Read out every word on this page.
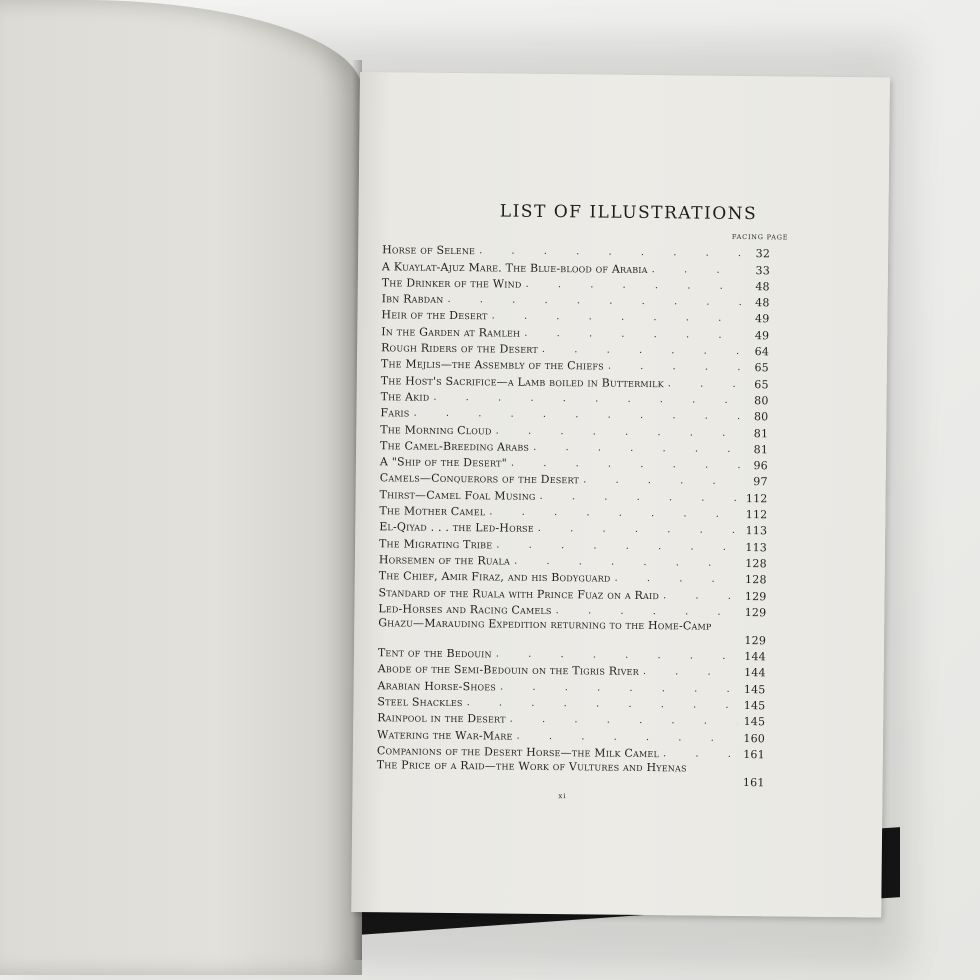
LIST OF ILLUSTRATIONS
FACING PAGE
Horse of Selene . . .	32
A Kuaylat-Ajuz Mare. The Blue-blood of Arabia . . .	33
The Drinker of the Wind . . .	48
Ibn Rabdan . . .	48
Heir of the Desert . . .	49
In the Garden at Ramleh . . .	49
Rough Riders of the Desert . . .	64
The Mejlis—the Assembly of the Chiefs . . .	65
The Host's Sacrifice—a Lamb boiled in Buttermilk . . .	65
The Akid . . .	80
Faris . . .	80
The Morning Cloud . . .	81
The Camel-Breeding Arabs . . .	81
A "Ship of the Desert" . . .	96
Camels—Conquerors of the Desert . . .	97
Thirst—Camel Foal Musing . . .	112
The Mother Camel . . .	112
El-Qiyad . . . the Led-Horse . . .	113
The Migrating Tribe . . .	113
Horsemen of the Ruala . . .	128
The Chief, Amir Firaz, and his Bodyguard . . .	128
Standard of the Ruala with Prince Fuaz on a Raid . . .	129
Led-Horses and Racing Camels . . .	129
Ghazu—Marauding Expedition returning to the Home-Camp
129
Tent of the Bedouin . . .	144
Abode of the Semi-Bedouin on the Tigris River . . .	144
Arabian Horse-Shoes . . .	145
Steel Shackles . . .	145
Rainpool in the Desert . . .	145
Watering the War-Mare . . .	160
Companions of the Desert Horse—the Milk Camel . . .	161
The Price of a Raid—the Work of Vultures and Hyenas
161
xi
